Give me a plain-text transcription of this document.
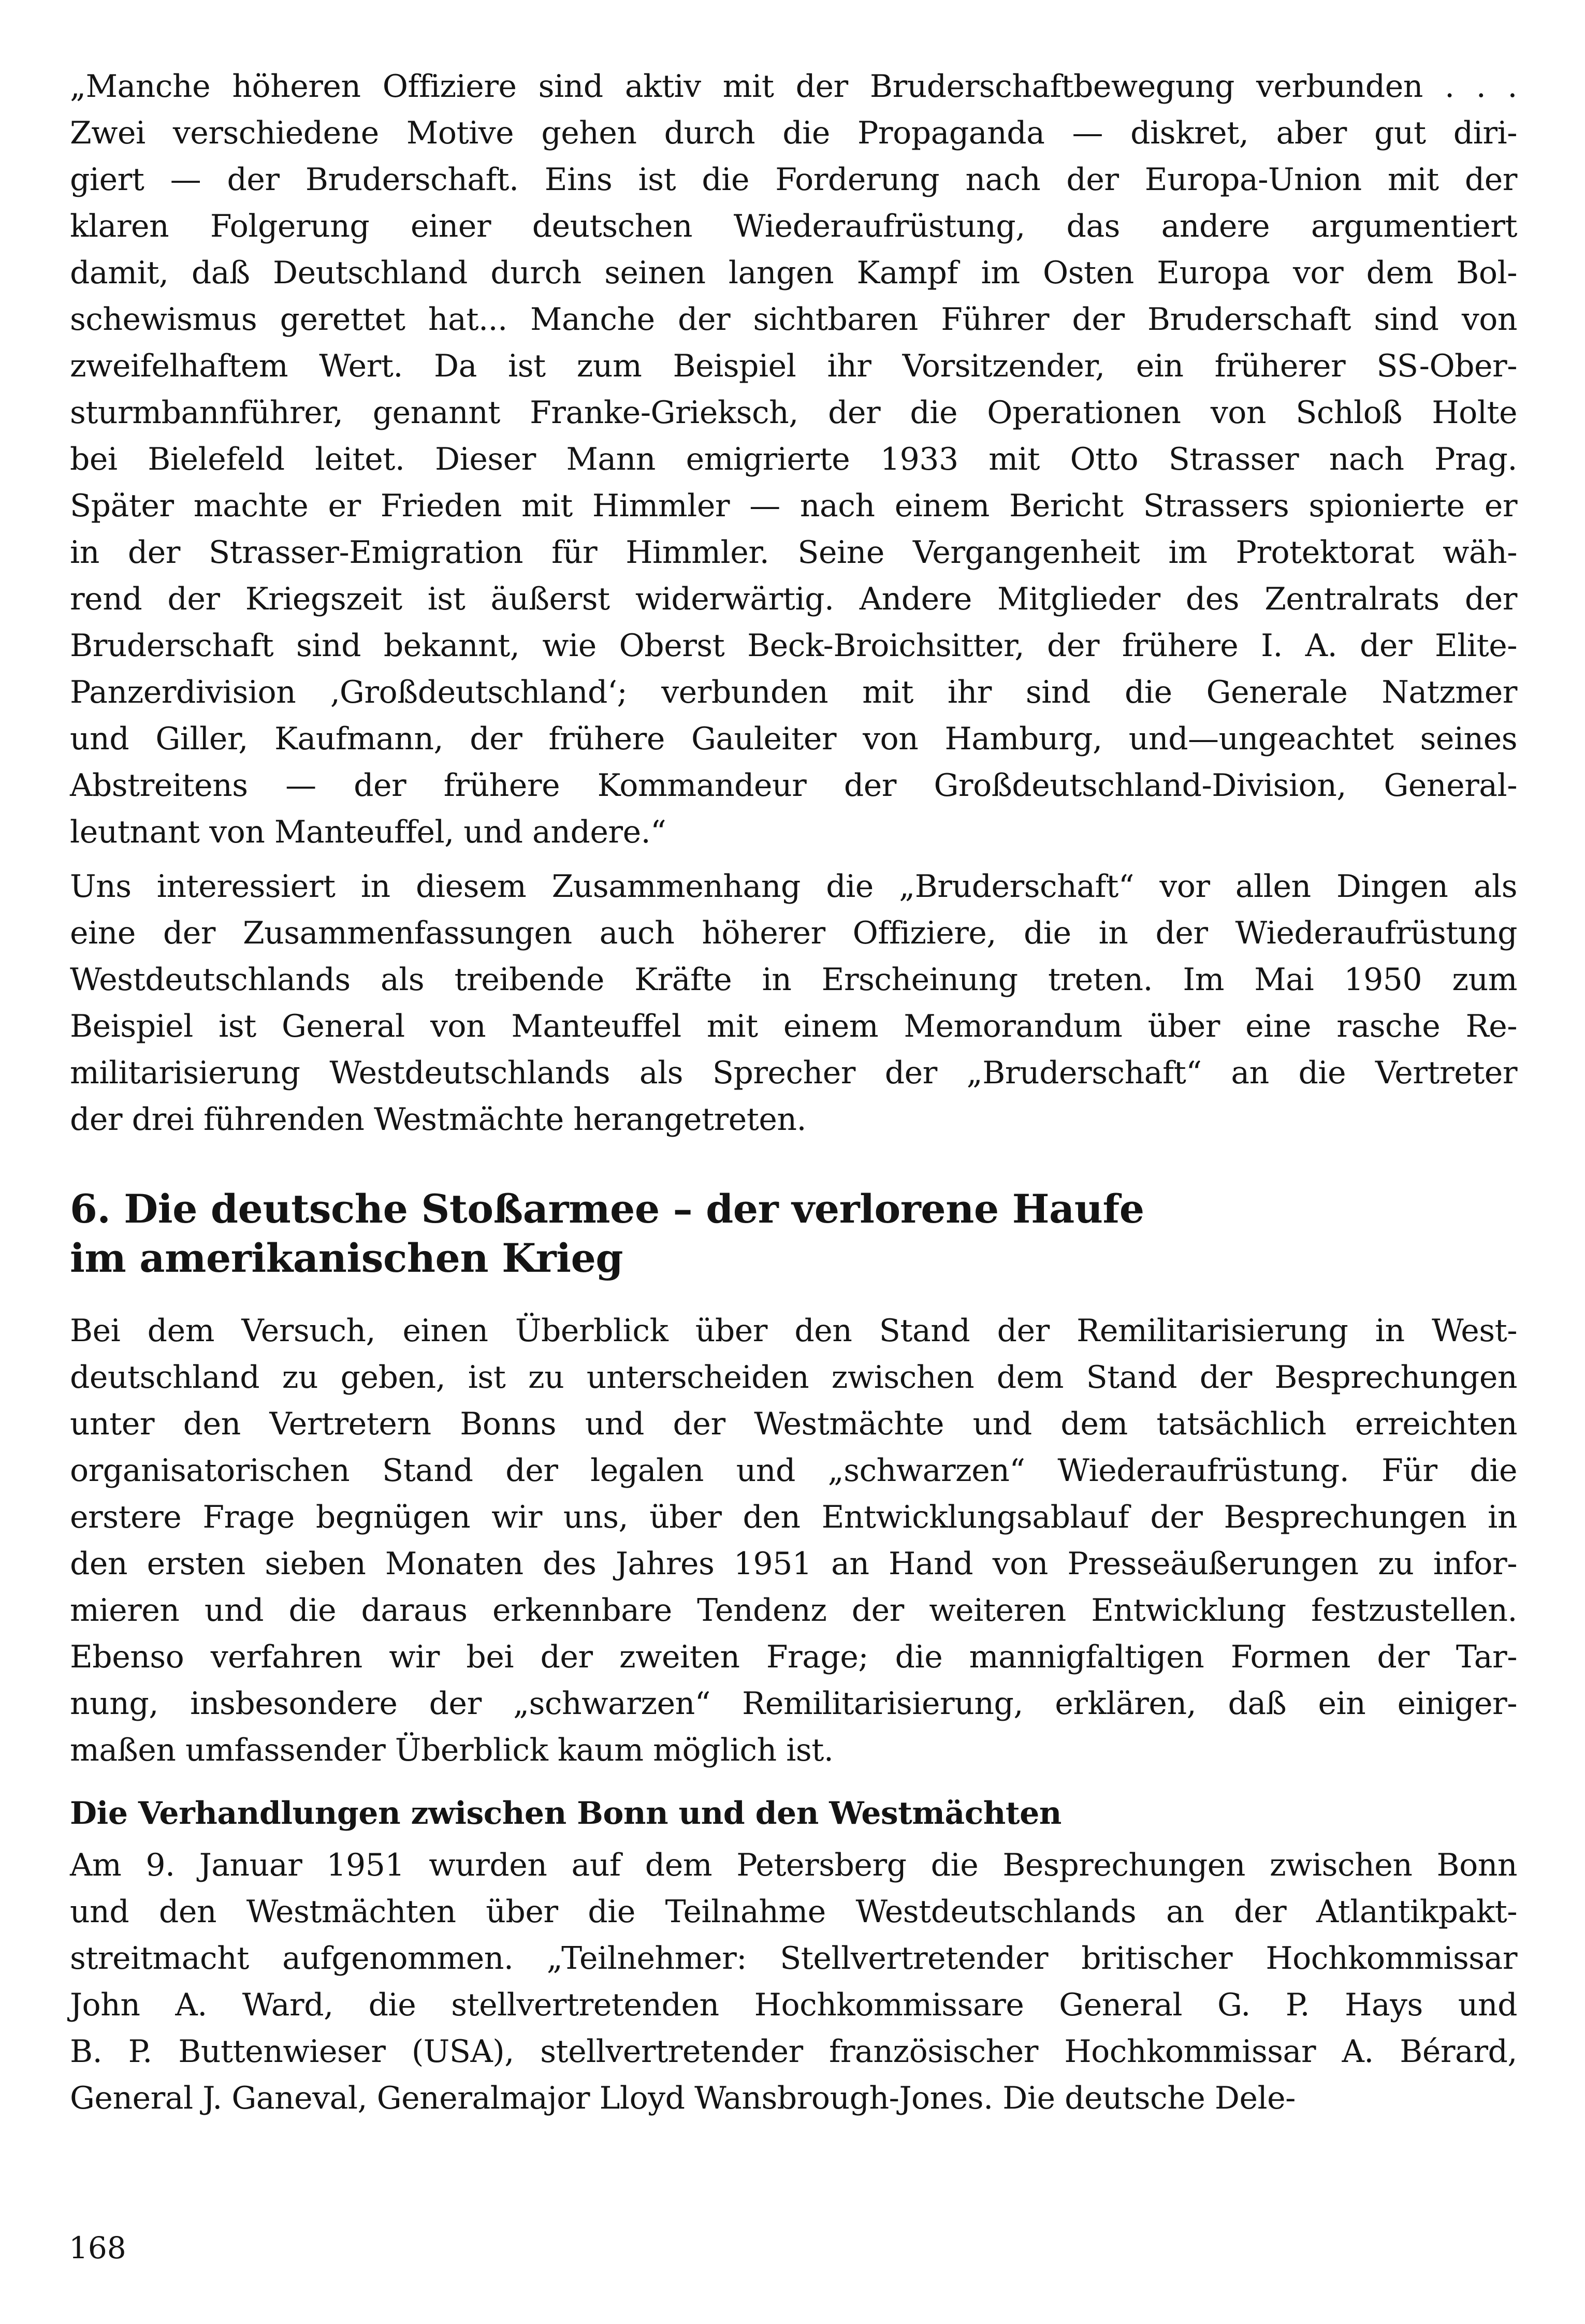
„Manche höheren Offiziere sind aktiv mit der Bruderschaftbewegung verbunden . . .
Zwei verschiedene Motive gehen durch die Propaganda — diskret, aber gut diri-
giert — der Bruderschaft. Eins ist die Forderung nach der Europa-Union mit der
klaren Folgerung einer deutschen Wiederaufrüstung, das andere argumentiert
damit, daß Deutschland durch seinen langen Kampf im Osten Europa vor dem Bol-
schewismus gerettet hat... Manche der sichtbaren Führer der Bruderschaft sind von
zweifelhaftem Wert. Da ist zum Beispiel ihr Vorsitzender, ein früherer SS-Ober-
sturmbannführer, genannt Franke-Grieksch, der die Operationen von Schloß Holte
bei Bielefeld leitet. Dieser Mann emigrierte 1933 mit Otto Strasser nach Prag.
Später machte er Frieden mit Himmler — nach einem Bericht Strassers spionierte er
in der Strasser-Emigration für Himmler. Seine Vergangenheit im Protektorat wäh-
rend der Kriegszeit ist äußerst widerwärtig. Andere Mitglieder des Zentralrats der
Bruderschaft sind bekannt, wie Oberst Beck-Broichsitter, der frühere I. A. der Elite-
Panzerdivision ‚Großdeutschland‘; verbunden mit ihr sind die Generale Natzmer
und Giller, Kaufmann, der frühere Gauleiter von Hamburg, und—ungeachtet seines
Abstreitens — der frühere Kommandeur der Großdeutschland-Division, General-
leutnant von Manteuffel, und andere.“
Uns interessiert in diesem Zusammenhang die „Bruderschaft“ vor allen Dingen als
eine der Zusammenfassungen auch höherer Offiziere, die in der Wiederaufrüstung
Westdeutschlands als treibende Kräfte in Erscheinung treten. Im Mai 1950 zum
Beispiel ist General von Manteuffel mit einem Memorandum über eine rasche Re-
militarisierung Westdeutschlands als Sprecher der „Bruderschaft“ an die Vertreter
der drei führenden Westmächte herangetreten.
6. Die deutsche Stoßarmee – der verlorene Haufe
im amerikanischen Krieg
Bei dem Versuch, einen Überblick über den Stand der Remilitarisierung in West-
deutschland zu geben, ist zu unterscheiden zwischen dem Stand der Besprechungen
unter den Vertretern Bonns und der Westmächte und dem tatsächlich erreichten
organisatorischen Stand der legalen und „schwarzen“ Wiederaufrüstung. Für die
erstere Frage begnügen wir uns, über den Entwicklungsablauf der Besprechungen in
den ersten sieben Monaten des Jahres 1951 an Hand von Presseäußerungen zu infor-
mieren und die daraus erkennbare Tendenz der weiteren Entwicklung festzustellen.
Ebenso verfahren wir bei der zweiten Frage; die mannigfaltigen Formen der Tar-
nung, insbesondere der „schwarzen“ Remilitarisierung, erklären, daß ein einiger-
maßen umfassender Überblick kaum möglich ist.
Die Verhandlungen zwischen Bonn und den Westmächten
Am 9. Januar 1951 wurden auf dem Petersberg die Besprechungen zwischen Bonn
und den Westmächten über die Teilnahme Westdeutschlands an der Atlantikpakt-
streitmacht aufgenommen. „Teilnehmer: Stellvertretender britischer Hochkommissar
John A. Ward, die stellvertretenden Hochkommissare General G. P. Hays und
B. P. Buttenwieser (USA), stellvertretender französischer Hochkommissar A. Bérard,
General J. Ganeval, Generalmajor Lloyd Wansbrough-Jones. Die deutsche Dele-
168
